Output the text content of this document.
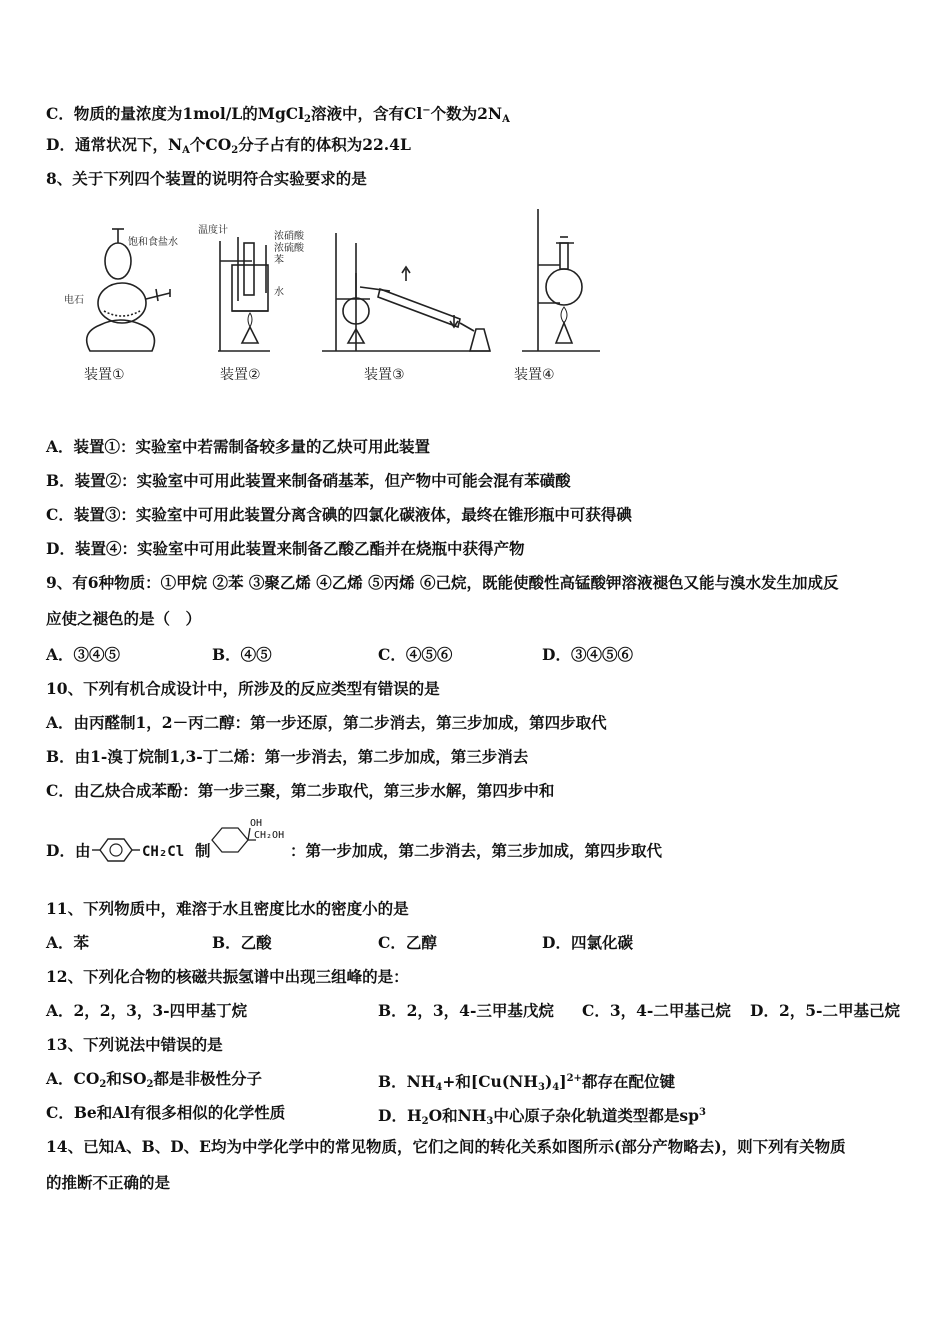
C．物质的量浓度为1mol/L的MgCl$_2$溶液中，含有Cl−个数为$2N_A$
D．通常状况下，$N_A$个$CO_2$分子占有的体积为22.4L
8、关于下列四个装置的说明符合实验要求的是
饱和食盐水
电石
温度计
浓硝酸
浓硫酸
苯
水
装置①	装置②	装置③	装置④
A．装置①：实验室中若需制备较多量的乙炔可用此装置
B．装置②：实验室中可用此装置来制备硝基苯，但产物中可能会混有苯磺酸
C．装置③：实验室中可用此装置分离含碘的四氯化碳液体，最终在锥形瓶中可获得碘
D．装置④：实验室中可用此装置来制备乙酸乙酯并在烧瓶中获得产物
9、有6种物质：①甲烷 ②苯 ③聚乙烯 ④乙烯 ⑤丙烯 ⑥己烷，既能使酸性高锰酸钾溶液褪色又能与溴水发生加成反
应使之褪色的是（　）
A．③④⑤	B．④⑤	C．④⑤⑥	D．③④⑤⑥
10、下列有机合成设计中，所涉及的反应类型有错误的是
A．由丙醛制1，2－丙二醇：第一步还原，第二步消去，第三步加成，第四步取代
B．由1-溴丁烷制1,3-丁二烯：第一步消去，第二步加成，第三步消去
C．由乙炔合成苯酚：第一步三聚，第二步取代，第三步水解，第四步中和
D．由	CH₂Cl 制
OH
CH₂OH
：第一步加成，第二步消去，第三步加成，第四步取代
11、下列物质中，难溶于水且密度比水的密度小的是
A．苯	B．乙酸	C．乙醇	D．四氯化碳
12、下列化合物的核磁共振氢谱中出现三组峰的是：
A．2，2，3，3-四甲基丁烷	B．2，3，4-三甲基戊烷 C．3，4-二甲基己烷 D．2，5-二甲基己烷
13、下列说法中错误的是
A．$CO_2$和$SO_2$都是非极性分子	B．$NH_4+$和$[Cu(NH_3)_4]^{2+}$都存在配位键
C．Be和Al有很多相似的化学性质	D．$H_2O$和$NH_3$中心原子杂化轨道类型都是$sp^3$
14、已知A、B、D、E均为中学化学中的常见物质，它们之间的转化关系如图所示(部分产物略去)，则下列有关物质
的推断不正确的是
